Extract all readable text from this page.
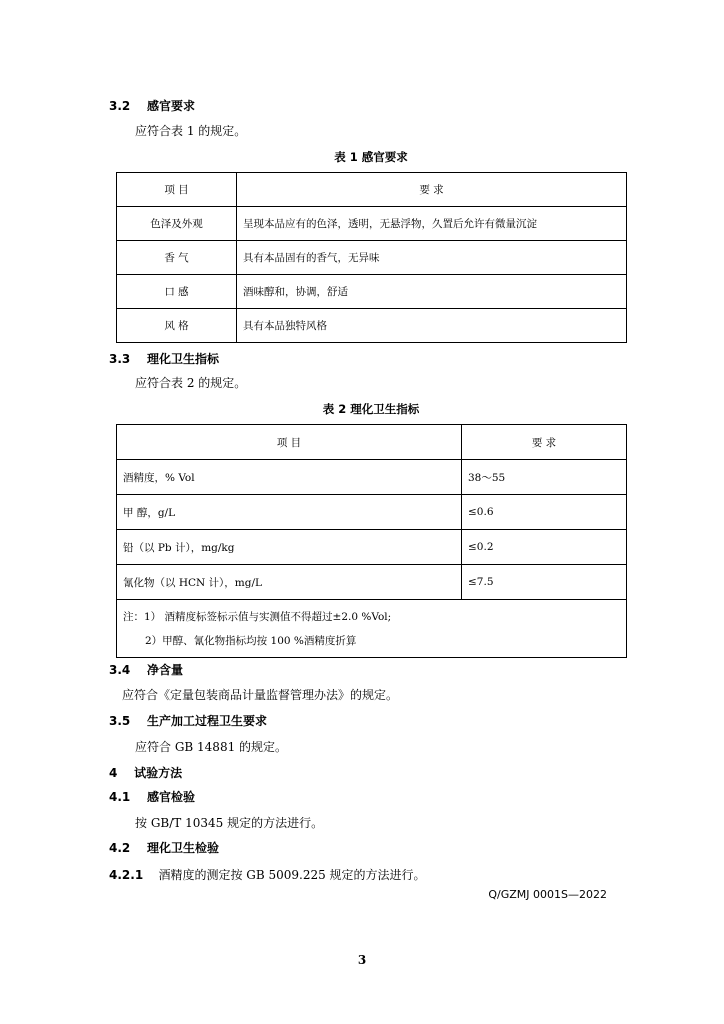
3.2 感官要求
应符合表 1 的规定。
表 1 感官要求
项 目	要 求
色泽及外观	呈现本品应有的色泽，透明，无悬浮物，久置后允许有微量沉淀
香 气	具有本品固有的香气，无异味
口 感	酒味醇和，协调，舒适
风 格	具有本品独特风格
3.3 理化卫生指标
应符合表 2 的规定。
表 2 理化卫生指标
项 目	要 求
酒精度，% Vol	38～55
甲 醇，g/L	≤0.6
铅（以 Pb 计），mg/kg	≤0.2
氰化物（以 HCN 计），mg/L	≤7.5

注：1） 酒精度标签标示值与实测值不得超过±2.0 %Vol;
2）甲醇、氰化物指标均按 100 %酒精度折算	
3.4 净含量
应符合《定量包装商品计量监督管理办法》的规定。
3.5 生产加工过程卫生要求
应符合 GB 14881 的规定。
4 试验方法
4.1 感官检验
按 GB/T 10345 规定的方法进行。
4.2 理化卫生检验
4.2.1 酒精度的测定按 GB 5009.225 规定的方法进行。
Q/GZMJ 0001S—2022
3
